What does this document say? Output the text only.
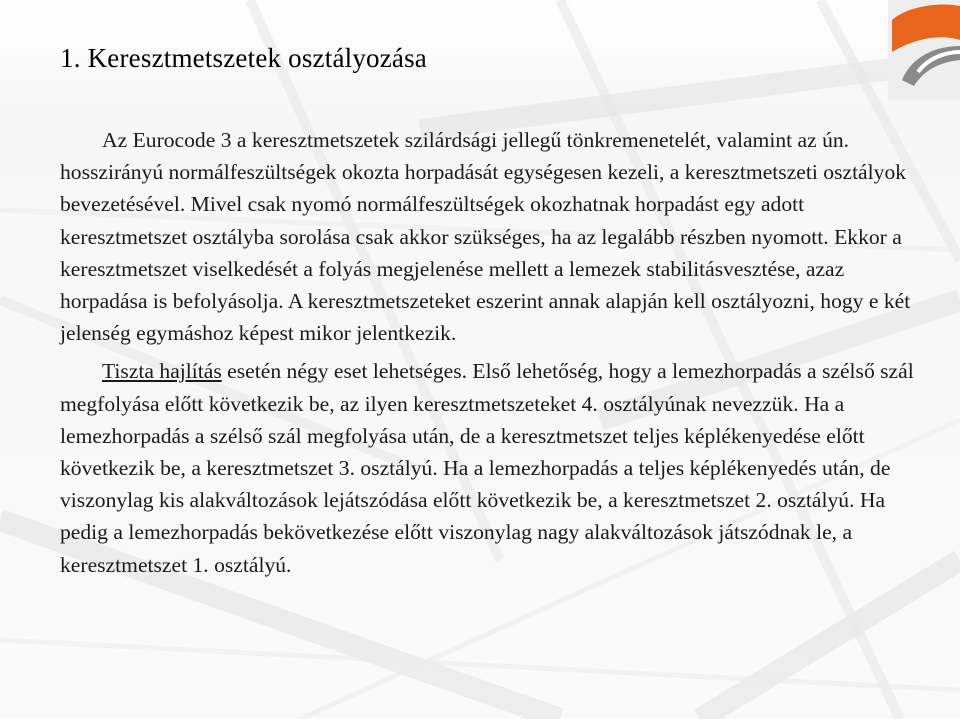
1. Keresztmetszetek osztályozása

Az Eurocode 3 a keresztmetszetek szilárdsági jellegű tönkremenetelét, valamint az ún. hosszirányú normálfeszültségek okozta horpadását egységesen kezeli, a keresztmetszeti osztályok bevezetésével. Mivel csak nyomó normálfeszültségek okozhatnak horpadást egy adott keresztmetszet osztályba sorolása csak akkor szükséges, ha az legalább részben nyomott. Ekkor a keresztmetszet viselkedését a folyás megjelenése mellett a lemezek stabilitásvesztése, azaz horpadása is befolyásolja. A keresztmetszeteket eszerint annak alapján kell osztályozni, hogy e két jelenség egymáshoz képest mikor jelentkezik.

Tiszta hajlítás esetén négy eset lehetséges. Első lehetőség, hogy a lemezhorpadás a szélső szál megfolyása előtt következik be, az ilyen keresztmetszeteket 4. osztályúnak nevezzük. Ha a lemezhorpadás a szélső szál megfolyása után, de a keresztmetszet teljes képlékenyedése előtt következik be, a keresztmetszet 3. osztályú. Ha a lemezhorpadás a teljes képlékenyedés után, de viszonylag kis alakváltozások lejátszódása előtt következik be, a keresztmetszet 2. osztályú. Ha pedig a lemezhorpadás bekövetkezése előtt viszonylag nagy alakváltozások játszódnak le, a keresztmetszet 1. osztályú.
